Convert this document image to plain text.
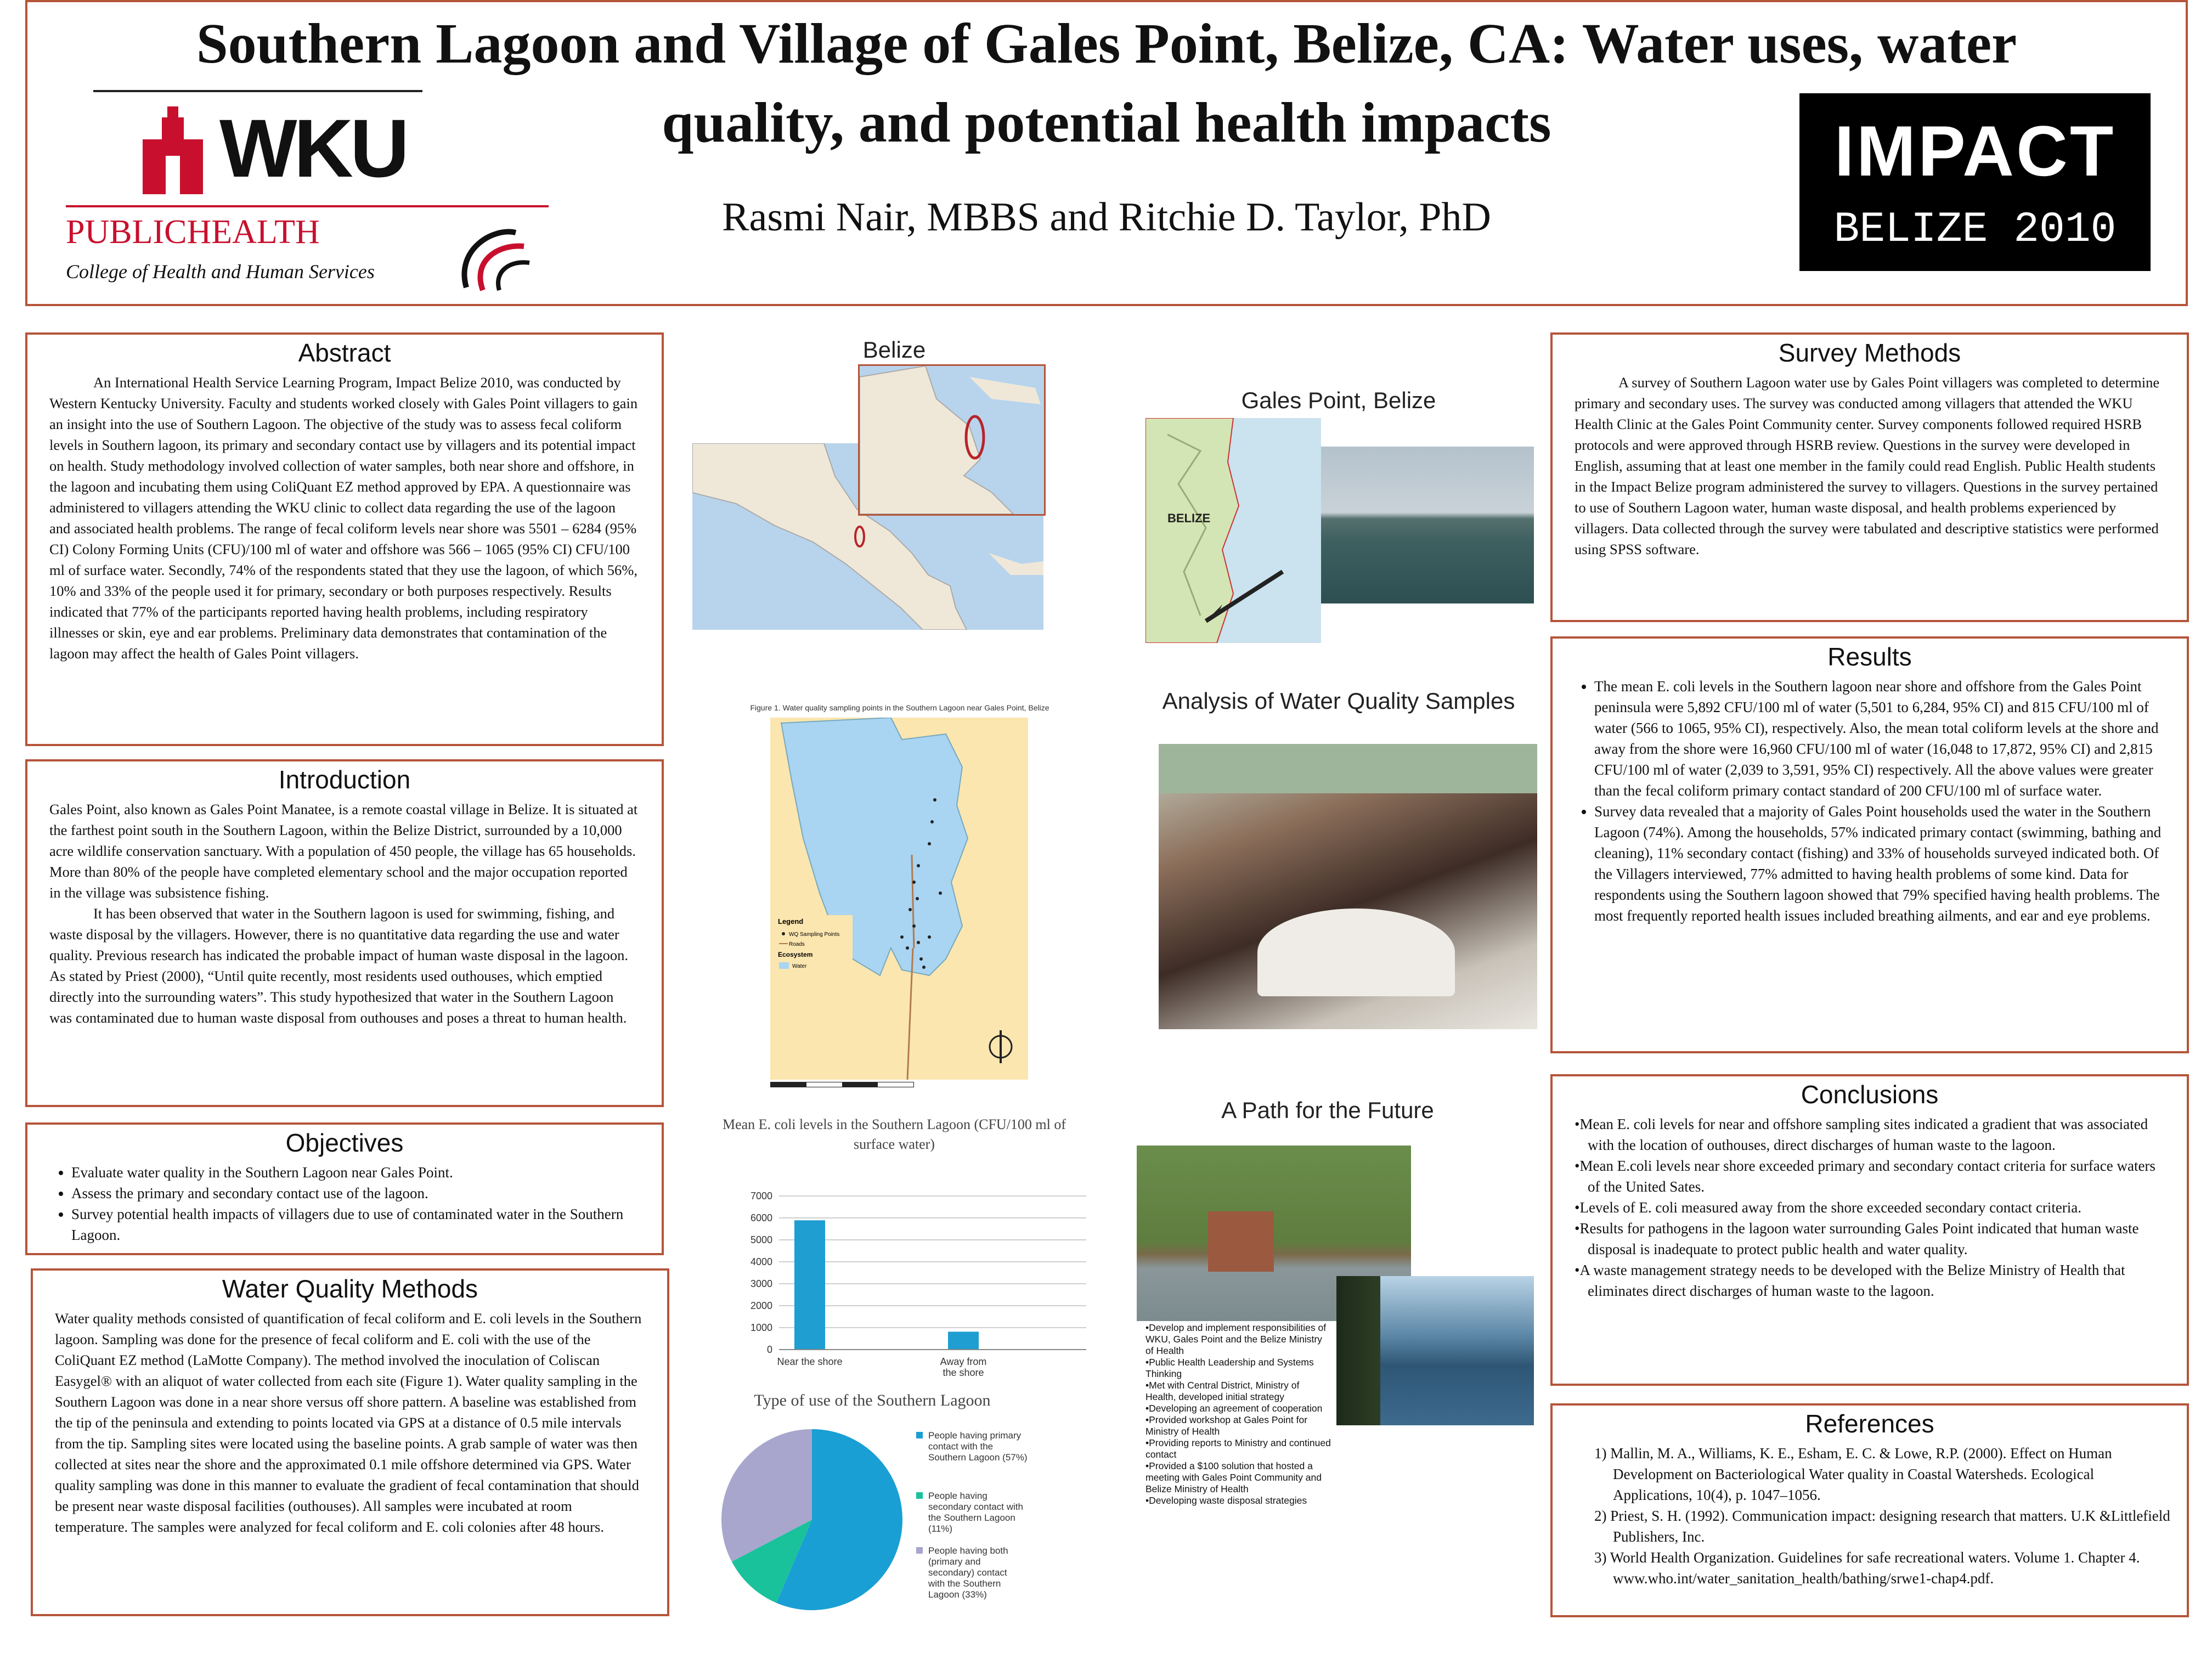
Southern Lagoon and Village of Gales Point, Belize, CA: Water uses, water
quality, and potential health impacts
Rasmi Nair, MBBS and Ritchie D. Taylor, PhD
WKU
PUBLICHEALTH
College of Health and Human Services
IMPACT
BELIZE 2010
Abstract

An International Health Service Learning Program, Impact Belize 2010, was conducted by Western Kentucky University. Faculty and students worked closely with Gales Point villagers to gain an insight into the use of Southern Lagoon. The objective of the study was to assess fecal coliform levels in Southern lagoon, its primary and secondary contact use by villagers and its potential impact on health. Study methodology involved collection of water samples, both near shore and offshore, in the lagoon and incubating them using ColiQuant EZ method approved by EPA. A questionnaire was administered to villagers attending the WKU clinic to collect data regarding the use of the lagoon and associated health problems. The range of fecal coliform levels near shore was 5501 – 6284 (95% CI) Colony Forming Units (CFU)/100 ml of water and offshore was 566 – 1065 (95% CI) CFU/100 ml of surface water. Secondly, 74% of the respondents stated that they use the lagoon, of which 56%, 10% and 33% of the people used it for primary, secondary or both purposes respectively. Results indicated that 77% of the participants reported having health problems, including respiratory illnesses or skin, eye and ear problems. Preliminary data demonstrates that contamination of the lagoon may affect the health of Gales Point villagers.

Introduction

Gales Point, also known as Gales Point Manatee, is a remote coastal village in Belize. It is situated at the farthest point south in the Southern Lagoon, within the Belize District, surrounded by a 10,000 acre wildlife conservation sanctuary. With a population of 450 people, the village has 65 households. More than 80% of the people have completed elementary school and the major occupation reported in the village was subsistence fishing.

It has been observed that water in the Southern lagoon is used for swimming, fishing, and waste disposal by the villagers. However, there is no quantitative data regarding the use and water quality. Previous research has indicated the probable impact of human waste disposal in the lagoon. As stated by Priest (2000), “Until quite recently, most residents used outhouses, which emptied directly into the surrounding waters”. This study hypothesized that water in the Southern Lagoon was contaminated due to human waste disposal from outhouses and poses a threat to human health.

Objectives
• Evaluate water quality in the Southern Lagoon near Gales Point.
• Assess the primary and secondary contact use of the lagoon.
• Survey potential health impacts of villagers due to use of contaminated water in the Southern Lagoon.
Water Quality Methods

Water quality methods consisted of quantification of fecal coliform and E. coli levels in the Southern lagoon. Sampling was done for the presence of fecal coliform and E. coli with the use of the ColiQuant EZ method (LaMotte Company). The method involved the inoculation of Coliscan Easygel® with an aliquot of water collected from each site (Figure 1). Water quality sampling in the Southern Lagoon was done in a near shore versus off shore pattern. A baseline was established from the tip of the peninsula and extending to points located via GPS at a distance of 0.5 mile intervals from the tip. Sampling sites were located using the baseline points. A grab sample of water was then collected at sites near the shore and the approximated 0.1 mile offshore determined via GPS. Water quality sampling was done in this manner to evaluate the gradient of fecal contamination that should be present near waste disposal facilities (outhouses). All samples were incubated at room temperature. The samples were analyzed for fecal coliform and E. coli colonies after 48 hours.

Belize
Gales Point, Belize
BELIZE
Figure 1. Water quality sampling points in the Southern Lagoon near Gales Point, Belize
Legend
WQ Sampling Points
Roads
Ecosystem
Water
Analysis of Water Quality Samples
A Path for the Future
•Develop and implement responsibilities of WKU, Gales Point and the Belize Ministry of Health
•Public Health Leadership and Systems Thinking
•Met with Central District, Ministry of Health, developed initial strategy
•Developing an agreement of cooperation
•Provided workshop at Gales Point for Ministry of Health
•Providing reports to Ministry and continued contact
•Provided a $100 solution that hosted a meeting with Gales Point Community and Belize Ministry of Health
•Developing waste disposal strategies
Mean E. coli levels in the Southern Lagoon (CFU/100 ml of surface water)
0
1000
2000
3000
4000
5000
6000
7000
Near the shore	Away from the shore
Type of use of the Southern Lagoon
People having primary contact with the Southern Lagoon (57%)
People having secondary contact with the Southern Lagoon (11%)
People having both (primary and secondary) contact with the Southern Lagoon (33%)
Survey Methods

A survey of Southern Lagoon water use by Gales Point villagers was completed to determine primary and secondary uses. The survey was conducted among villagers that attended the WKU Health Clinic at the Gales Point Community center. Survey components followed required HSRB protocols and were approved through HSRB review. Questions in the survey were developed in English, assuming that at least one member in the family could read English. Public Health students in the Impact Belize program administered the survey to villagers. Questions in the survey pertained to use of Southern Lagoon water, human waste disposal, and health problems experienced by villagers. Data collected through the survey were tabulated and descriptive statistics were performed using SPSS software.

Results
• The mean E. coli levels in the Southern lagoon near shore and offshore from the Gales Point peninsula were 5,892 CFU/100 ml of water (5,501 to 6,284, 95% CI) and 815 CFU/100 ml of water (566 to 1065, 95% CI), respectively. Also, the mean total coliform levels at the shore and away from the shore were 16,960 CFU/100 ml of water (16,048 to 17,872, 95% CI) and 2,815 CFU/100 ml of water (2,039 to 3,591, 95% CI) respectively. All the above values were greater than the fecal coliform primary contact standard of 200 CFU/100 ml of surface water.
• Survey data revealed that a majority of Gales Point households used the water in the Southern Lagoon (74%). Among the households, 57% indicated primary contact (swimming, bathing and cleaning), 11% secondary contact (fishing) and 33% of households surveyed indicated both. Of the Villagers interviewed, 77% admitted to having health problems of some kind. Data for respondents using the Southern lagoon showed that 79% specified having health problems. The most frequently reported health issues included breathing ailments, and ear and eye problems.
Conclusions
•Mean E. coli levels for near and offshore sampling sites indicated a gradient that was associated with the location of outhouses, direct discharges of human waste to the lagoon.
•Mean E.coli levels near shore exceeded primary and secondary contact criteria for surface waters of the United Sates.
•Levels of E. coli measured away from the shore exceeded secondary contact criteria.
•Results for pathogens in the lagoon water surrounding Gales Point indicated that human waste disposal is inadequate to protect public health and water quality.
•A waste management strategy needs to be developed with the Belize Ministry of Health that eliminates direct discharges of human waste to the lagoon.
References
1) Mallin, M. A., Williams, K. E., Esham, E. C. & Lowe, R.P. (2000). Effect on Human Development on Bacteriological Water quality in Coastal Watersheds. Ecological Applications, 10(4), p. 1047–1056.
2) Priest, S. H. (1992). Communication impact: designing research that matters. U.K &Littlefield Publishers, Inc.
3) World Health Organization. Guidelines for safe recreational waters. Volume 1. Chapter 4. www.who.int/water_sanitation_health/bathing/srwe1-chap4.pdf.
